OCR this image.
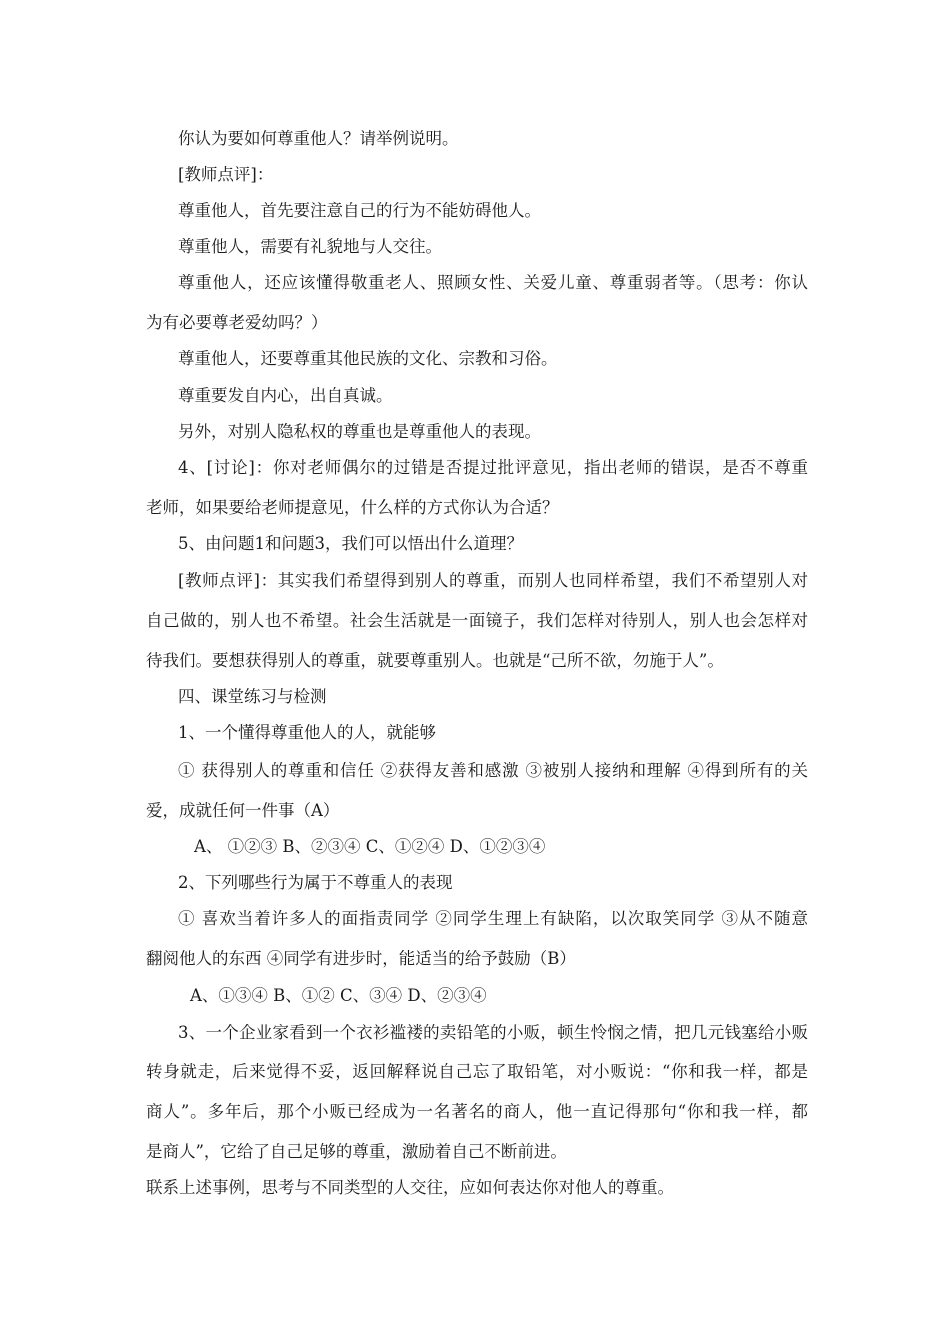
你认为要如何尊重他人？请举例说明。
[教师点评]：
尊重他人，首先要注意自己的行为不能妨碍他人。
尊重他人，需要有礼貌地与人交往。
尊重他人，还应该懂得敬重老人、照顾女性、关爱儿童、尊重弱者等。（思考：你认
为有必要尊老爱幼吗？）
尊重他人，还要尊重其他民族的文化、宗教和习俗。
尊重要发自内心，出自真诚。
另外，对别人隐私权的尊重也是尊重他人的表现。
4、[讨论]：你对老师偶尔的过错是否提过批评意见，指出老师的错误，是否不尊重
老师，如果要给老师提意见，什么样的方式你认为合适？
5、由问题1和问题3，我们可以悟出什么道理？
[教师点评]：其实我们希望得到别人的尊重，而别人也同样希望，我们不希望别人对
自己做的，别人也不希望。社会生活就是一面镜子，我们怎样对待别人，别人也会怎样对
待我们。要想获得别人的尊重，就要尊重别人。也就是“己所不欲，勿施于人”。
四、课堂练习与检测
1、一个懂得尊重他人的人，就能够
① 获得别人的尊重和信任 ②获得友善和感激 ③被别人接纳和理解 ④得到所有的关
爱，成就任何一件事（A）
A、 ①②③ B、②③④ C、①②④ D、①②③④
2、下列哪些行为属于不尊重人的表现
① 喜欢当着许多人的面指责同学 ②同学生理上有缺陷，以次取笑同学 ③从不随意
翻阅他人的东西 ④同学有进步时，能适当的给予鼓励（B）
A、①③④ B、①② C、③④ D、②③④
3、一个企业家看到一个衣衫褴褛的卖铅笔的小贩，顿生怜悯之情，把几元钱塞给小贩
转身就走，后来觉得不妥，返回解释说自己忘了取铅笔，对小贩说：“你和我一样，都是
商人”。多年后，那个小贩已经成为一名著名的商人，他一直记得那句“你和我一样，都
是商人”，它给了自己足够的尊重，激励着自己不断前进。
联系上述事例，思考与不同类型的人交往，应如何表达你对他人的尊重。
